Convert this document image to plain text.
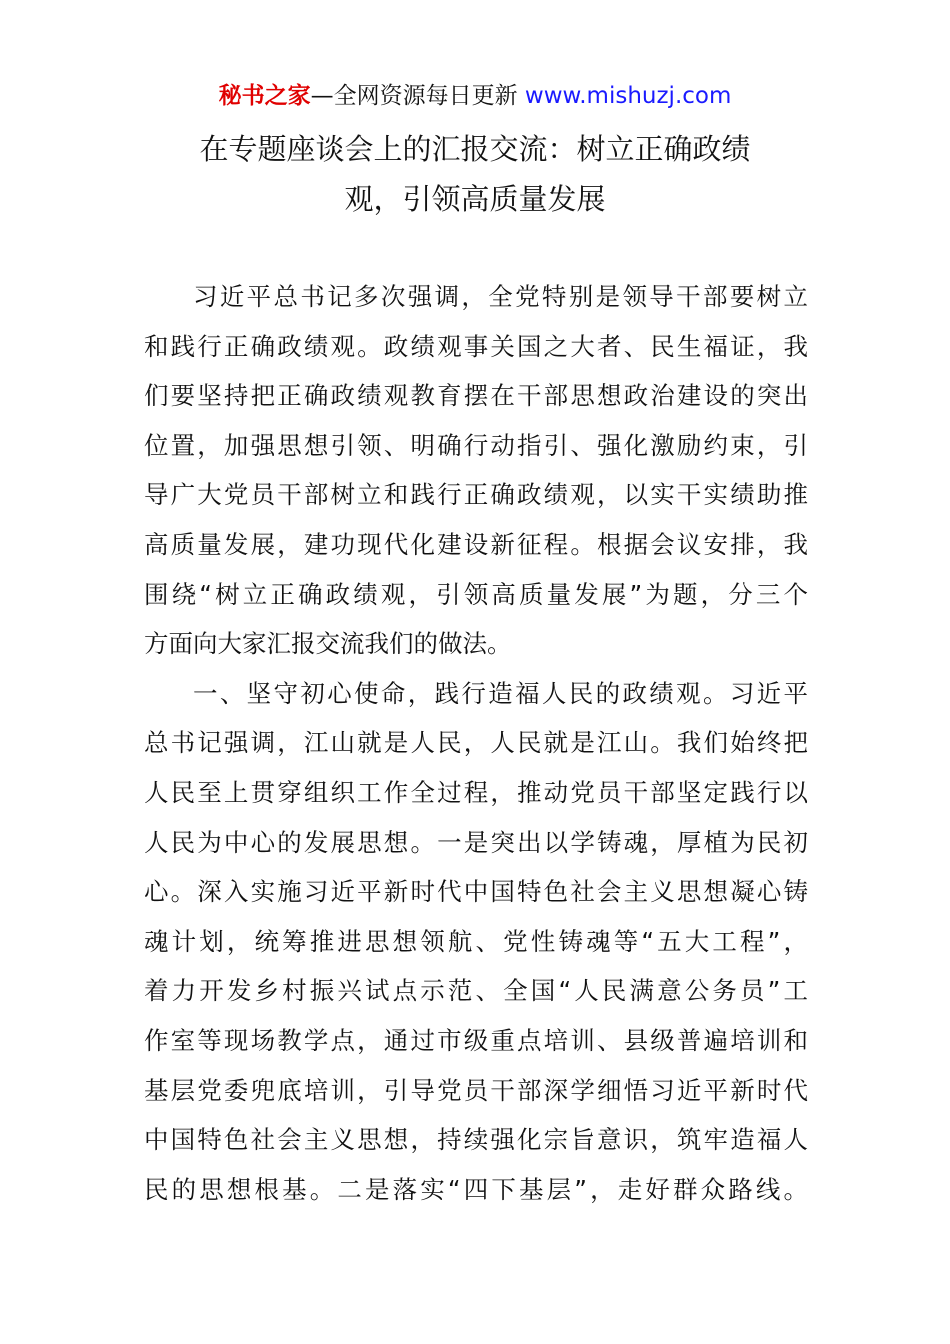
秘书之家—全网资源每日更新 www.mishuzj.com
在专题座谈会上的汇报交流：树立正确政绩
观，引领高质量发展
习近平总书记多次强调，全党特别是领导干部要树立
和践行正确政绩观。政绩观事关国之大者、民生福证，我
们要坚持把正确政绩观教育摆在干部思想政治建设的突出
位置，加强思想引领、明确行动指引、强化激励约束，引
导广大党员干部树立和践行正确政绩观，以实干实绩助推
高质量发展，建功现代化建设新征程。根据会议安排，我
围绕“树立正确政绩观，引领高质量发展”为题，分三个
方面向大家汇报交流我们的做法。
一、坚守初心使命，践行造福人民的政绩观。习近平
总书记强调，江山就是人民，人民就是江山。我们始终把
人民至上贯穿组织工作全过程，推动党员干部坚定践行以
人民为中心的发展思想。一是突出以学铸魂，厚植为民初
心。深入实施习近平新时代中国特色社会主义思想凝心铸
魂计划，统筹推进思想领航、党性铸魂等“五大工程”，
着力开发乡村振兴试点示范、全国“人民满意公务员”工
作室等现场教学点，通过市级重点培训、县级普遍培训和
基层党委兜底培训，引导党员干部深学细悟习近平新时代
中国特色社会主义思想，持续强化宗旨意识，筑牢造福人
民的思想根基。二是落实“四下基层”，走好群众路线。
